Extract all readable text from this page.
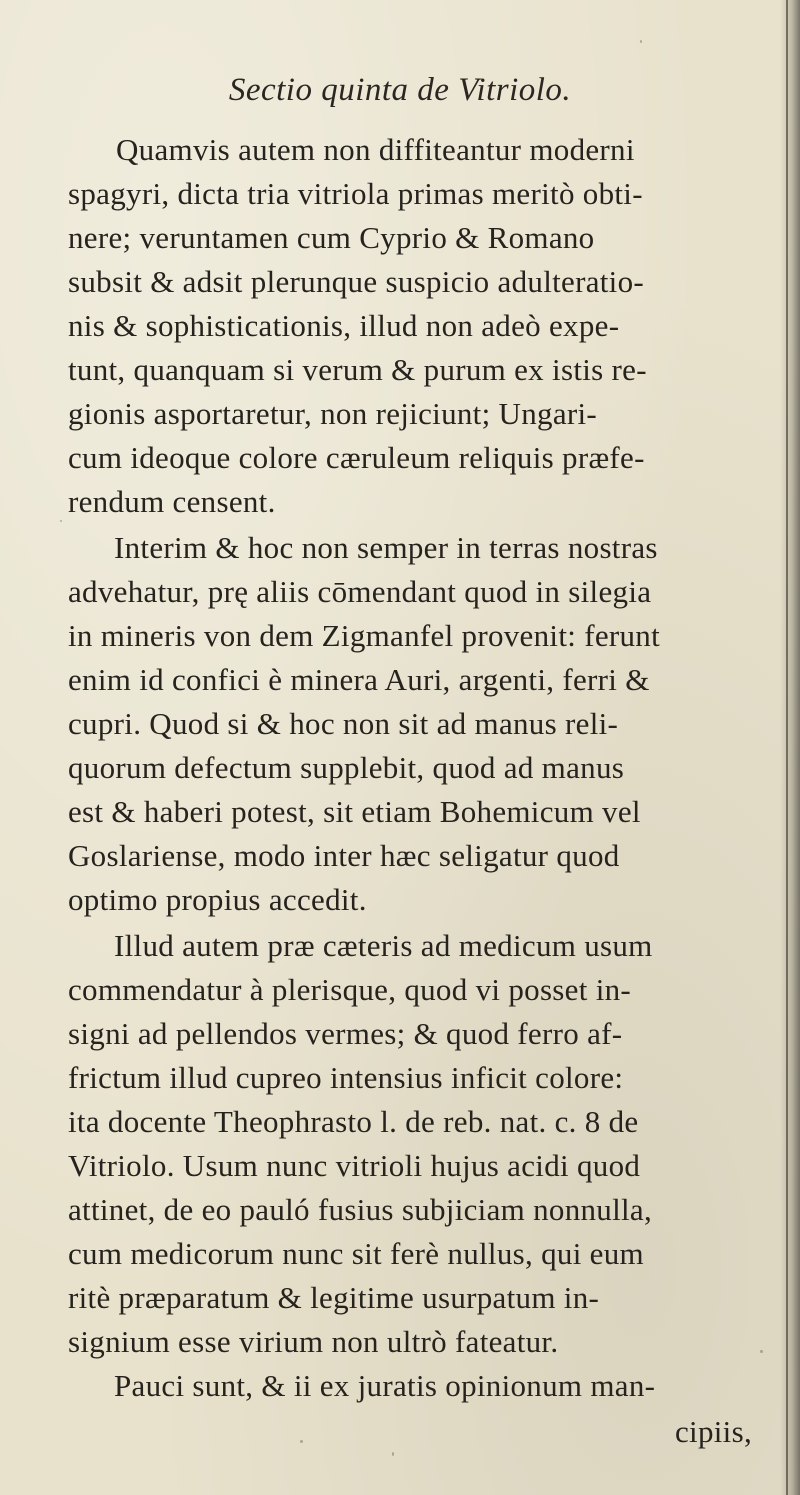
Sectio quinta de Vitriolo.
Quamvis autem non diffiteantur moderni
spagyri, dicta tria vitriola primas meritò obti-
nere; veruntamen cum Cyprio & Romano
subsit & adsit plerunque suspicio adulteratio-
nis & sophisticationis, illud non adeò expe-
tunt, quanquam si verum & purum ex istis re-
gionis asportaretur, non rejiciunt; Ungari-
cum ideoque colore cæruleum reliquis præfe-
rendum censent.
Interim & hoc non semper in terras nostras
advehatur, prę aliis cōmendant quod in silegia
in mineris von dem Zigmanfel provenit: ferunt
enim id confici è minera Auri, argenti, ferri &
cupri. Quod si & hoc non sit ad manus reli-
quorum defectum supplebit, quod ad manus
est & haberi potest, sit etiam Bohemicum vel
Goslariense, modo inter hæc seligatur quod
optimo propius accedit.
Illud autem præ cæteris ad medicum usum
commendatur à plerisque, quod vi posset in-
signi ad pellendos vermes; & quod ferro af-
frictum illud cupreo intensius inficit colore:
ita docente Theophrasto l. de reb. nat. c. 8 de
Vitriolo. Usum nunc vitrioli hujus acidi quod
attinet, de eo pauló fusius subjiciam nonnulla,
cum medicorum nunc sit ferè nullus, qui eum
ritè præparatum & legitime usurpatum in-
signium esse virium non ultrò fateatur.
Pauci sunt, & ii ex juratis opinionum man-
cipiis,
